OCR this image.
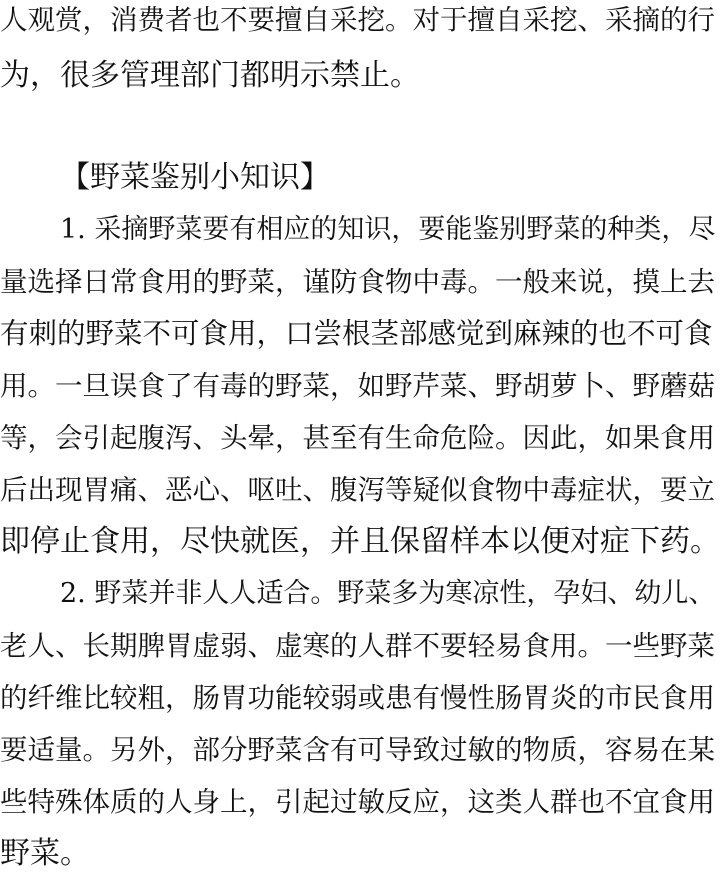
人观赏，消费者也不要擅自采挖。对于擅自采挖、采摘的行
为，很多管理部门都明示禁止。
【野菜鉴别小知识】
1. 采摘野菜要有相应的知识，要能鉴别野菜的种类，尽
量选择日常食用的野菜，谨防食物中毒。一般来说，摸上去
有刺的野菜不可食用，口尝根茎部感觉到麻辣的也不可食
用。一旦误食了有毒的野菜，如野芹菜、野胡萝卜、野蘑菇
等，会引起腹泻、头晕，甚至有生命危险。因此，如果食用
后出现胃痛、恶心、呕吐、腹泻等疑似食物中毒症状，要立
即停止食用，尽快就医，并且保留样本以便对症下药。
2. 野菜并非人人适合。野菜多为寒凉性，孕妇、幼儿、
老人、长期脾胃虚弱、虚寒的人群不要轻易食用。一些野菜
的纤维比较粗，肠胃功能较弱或患有慢性肠胃炎的市民食用
要适量。另外，部分野菜含有可导致过敏的物质，容易在某
些特殊体质的人身上，引起过敏反应，这类人群也不宜食用
野菜。
